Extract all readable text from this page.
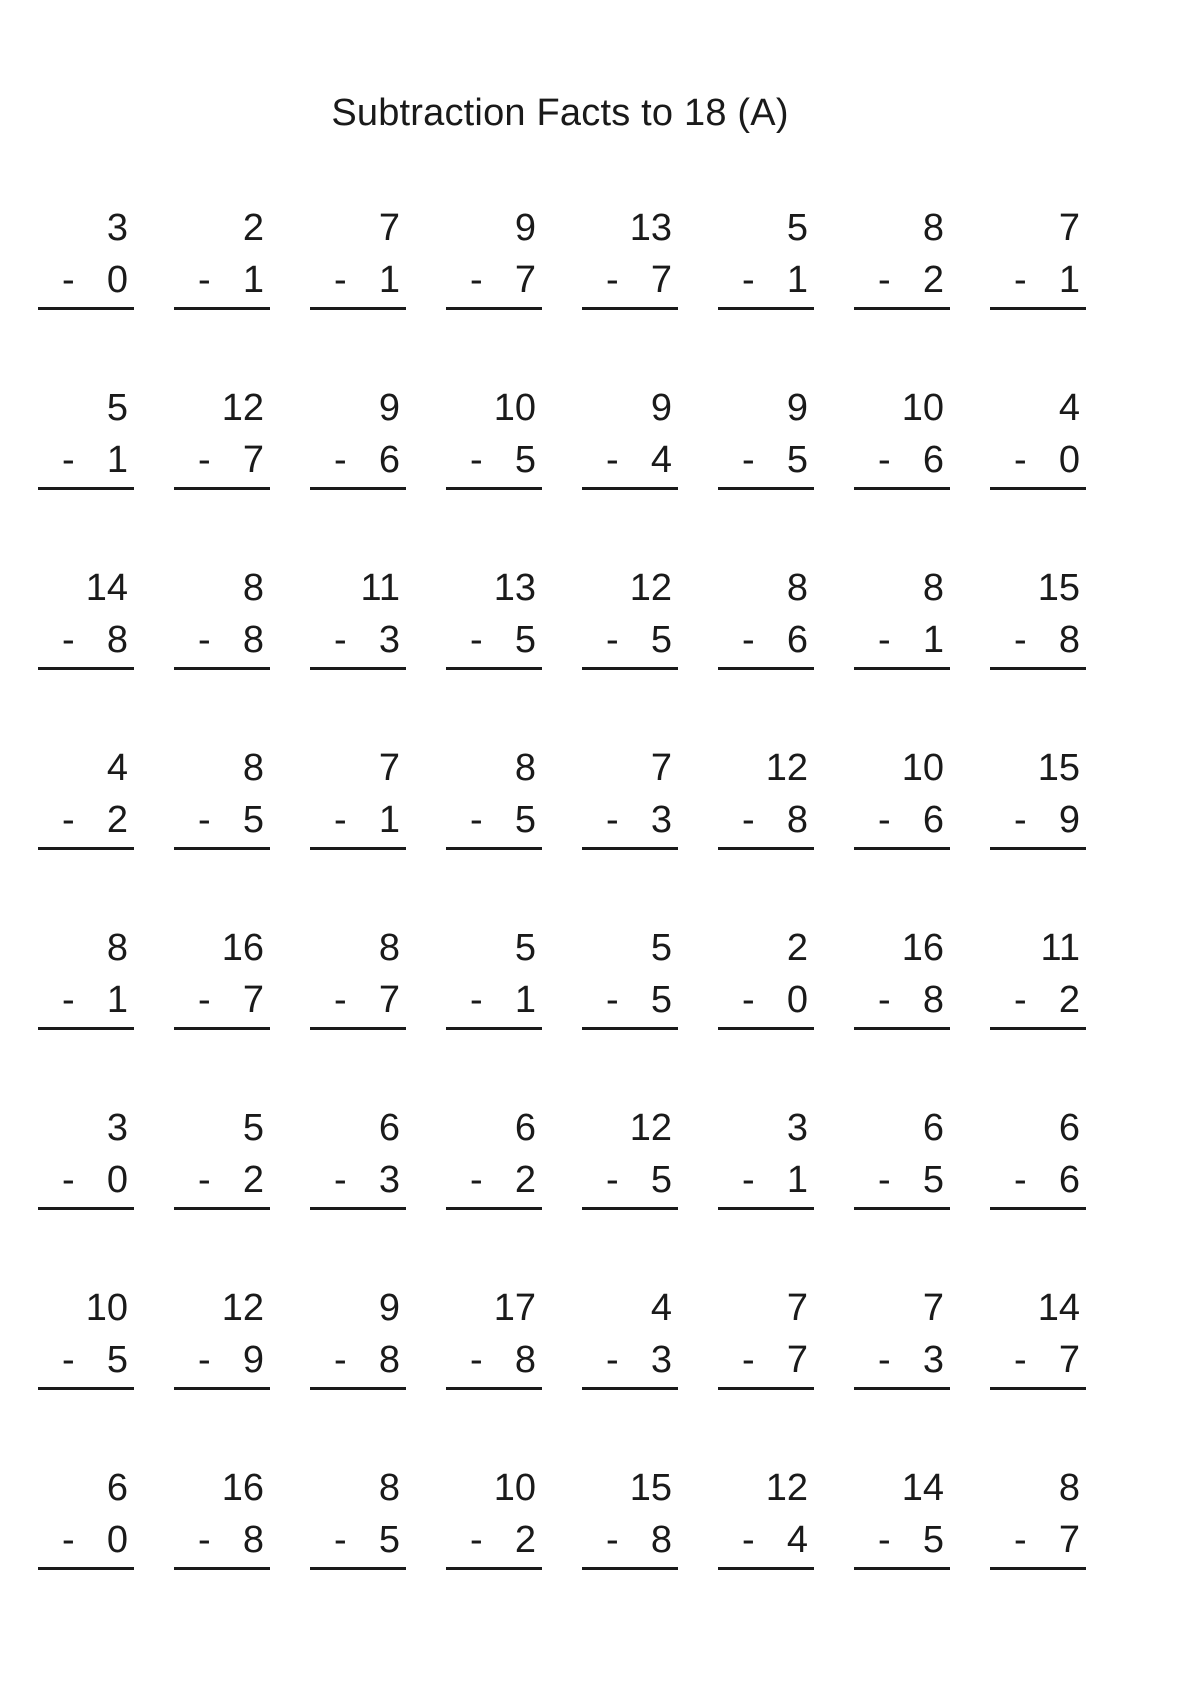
Subtraction Facts to 18 (A)
3
- 0
2
- 1
7
- 1
9
- 7
13
- 7
5
- 1
8
- 2
7
- 1
5
- 1
12
- 7
9
- 6
10
- 5
9
- 4
9
- 5
10
- 6
4
- 0
14
- 8
8
- 8
11
- 3
13
- 5
12
- 5
8
- 6
8
- 1
15
- 8
4
- 2
8
- 5
7
- 1
8
- 5
7
- 3
12
- 8
10
- 6
15
- 9
8
- 1
16
- 7
8
- 7
5
- 1
5
- 5
2
- 0
16
- 8
11
- 2
3
- 0
5
- 2
6
- 3
6
- 2
12
- 5
3
- 1
6
- 5
6
- 6
10
- 5
12
- 9
9
- 8
17
- 8
4
- 3
7
- 7
7
- 3
14
- 7
6
- 0
16
- 8
8
- 5
10
- 2
15
- 8
12
- 4
14
- 5
8
- 7
